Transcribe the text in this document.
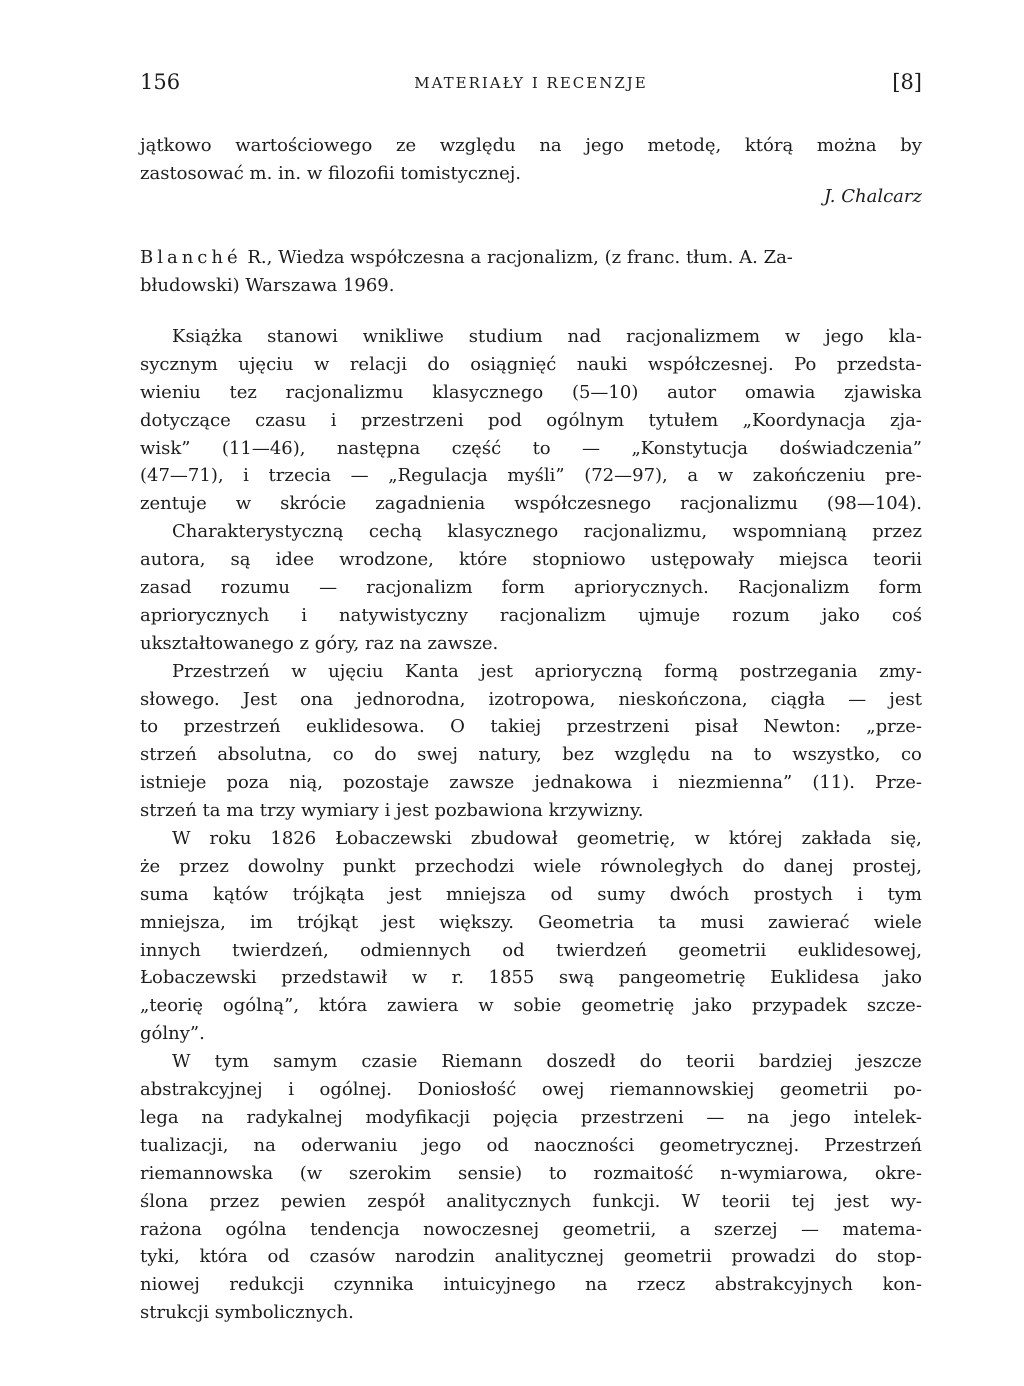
156	MATERIAŁY I RECENZJE	[8]
jątkowo wartościowego ze względu na jego metodę, którą można by
zastosować m. in. w filozofii tomistycznej.
J. Chalcarz
Blanché R., Wiedza współczesna a racjonalizm, (z franc. tłum. A. Za-
błudowski) Warszawa 1969.
Książka stanowi wnikliwe studium nad racjonalizmem w jego kla-
sycznym ujęciu w relacji do osiągnięć nauki współczesnej. Po przedsta-
wieniu tez racjonalizmu klasycznego (5—10) autor omawia zjawiska
dotyczące czasu i przestrzeni pod ogólnym tytułem „Koordynacja zja-
wisk” (11—46), następna część to — „Konstytucja doświadczenia”
(47—71), i trzecia — „Regulacja myśli” (72—97), a w zakończeniu pre-
zentuje w skrócie zagadnienia współczesnego racjonalizmu (98—104).
Charakterystyczną cechą klasycznego racjonalizmu, wspomnianą przez
autora, są idee wrodzone, które stopniowo ustępowały miejsca teorii
zasad rozumu — racjonalizm form apriorycznych. Racjonalizm form
apriorycznych i natywistyczny racjonalizm ujmuje rozum jako coś
ukształtowanego z góry, raz na zawsze.
Przestrzeń w ujęciu Kanta jest aprioryczną formą postrzegania zmy-
słowego. Jest ona jednorodna, izotropowa, nieskończona, ciągła — jest
to przestrzeń euklidesowa. O takiej przestrzeni pisał Newton: „prze-
strzeń absolutna, co do swej natury, bez względu na to wszystko, co
istnieje poza nią, pozostaje zawsze jednakowa i niezmienna” (11). Prze-
strzeń ta ma trzy wymiary i jest pozbawiona krzywizny.
W roku 1826 Łobaczewski zbudował geometrię, w której zakłada się,
że przez dowolny punkt przechodzi wiele równoległych do danej prostej,
suma kątów trójkąta jest mniejsza od sumy dwóch prostych i tym
mniejsza, im trójkąt jest większy. Geometria ta musi zawierać wiele
innych twierdzeń, odmiennych od twierdzeń geometrii euklidesowej,
Łobaczewski przedstawił w r. 1855 swą pangeometrię Euklidesa jako
„teorię ogólną”, która zawiera w sobie geometrię jako przypadek szcze-
gólny”.
W tym samym czasie Riemann doszedł do teorii bardziej jeszcze
abstrakcyjnej i ogólnej. Doniosłość owej riemannowskiej geometrii po-
lega na radykalnej modyfikacji pojęcia przestrzeni — na jego intelek-
tualizacji, na oderwaniu jego od naoczności geometrycznej. Przestrzeń
riemannowska (w szerokim sensie) to rozmaitość n-wymiarowa, okre-
ślona przez pewien zespół analitycznych funkcji. W teorii tej jest wy-
rażona ogólna tendencja nowoczesnej geometrii, a szerzej — matema-
tyki, która od czasów narodzin analitycznej geometrii prowadzi do stop-
niowej redukcji czynnika intuicyjnego na rzecz abstrakcyjnych kon-
strukcji symbolicznych.
